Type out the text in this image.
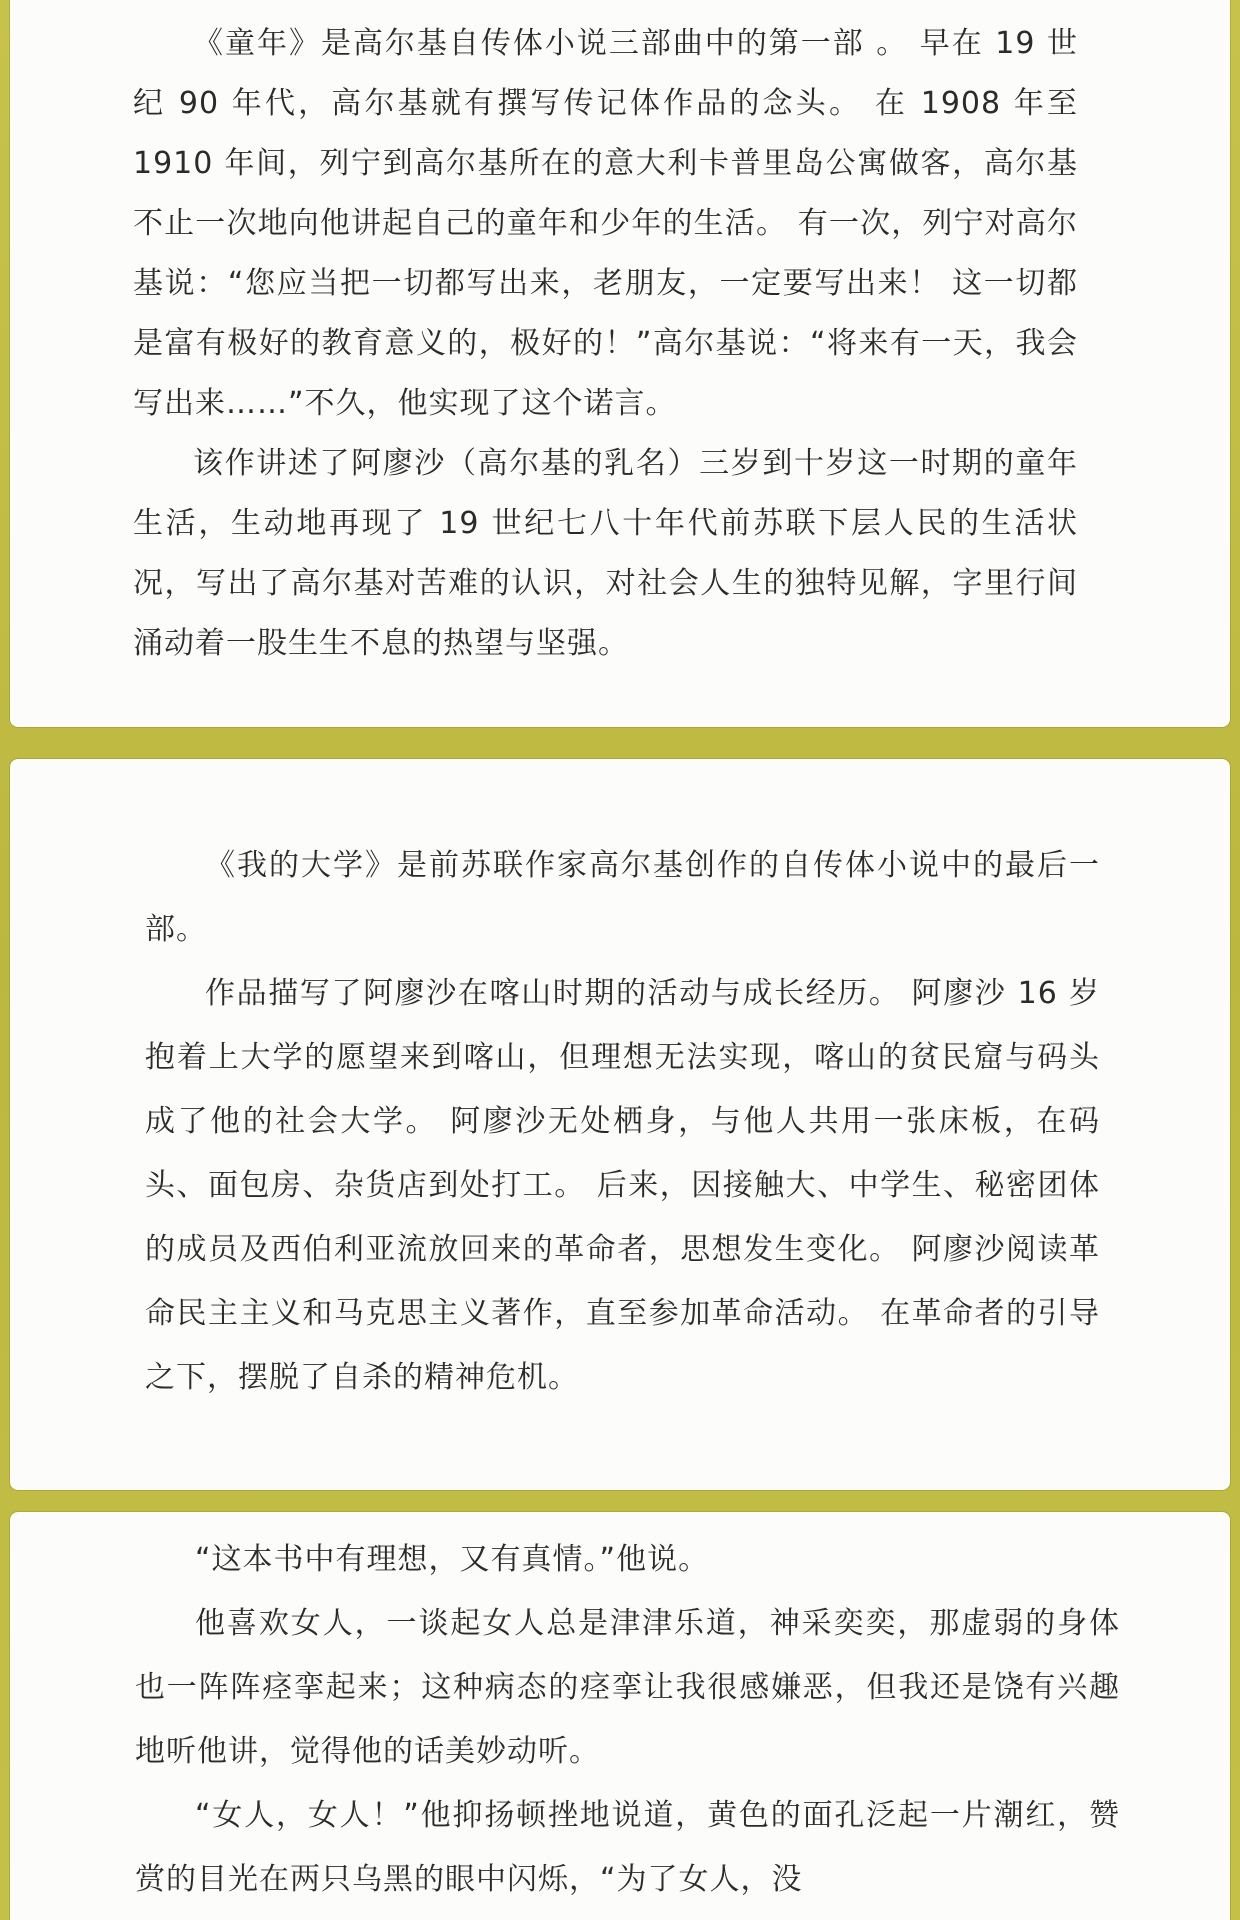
《童年》是高尔基自传体小说三部曲中的第一部 。 早在 19 世纪 90 年代，高尔基就有撰写传记体作品的念头。 在 1908 年至 1910 年间，列宁到高尔基所在的意大利卡普里岛公寓做客，高尔基不止一次地向他讲起自己的童年和少年的生活。 有一次，列宁对高尔基说：“您应当把一切都写出来，老朋友，一定要写出来！ 这一切都是富有极好的教育意义的，极好的！”高尔基说：“将来有一天，我会写出来……”不久，他实现了这个诺言。

该作讲述了阿廖沙（高尔基的乳名）三岁到十岁这一时期的童年生活，生动地再现了 19 世纪七八十年代前苏联下层人民的生活状况，写出了高尔基对苦难的认识，对社会人生的独特见解，字里行间涌动着一股生生不息的热望与坚强。

《我的大学》是前苏联作家高尔基创作的自传体小说中的最后一部。

作品描写了阿廖沙在喀山时期的活动与成长经历。 阿廖沙 16 岁抱着上大学的愿望来到喀山，但理想无法实现，喀山的贫民窟与码头成了他的社会大学。 阿廖沙无处栖身，与他人共用一张床板，在码头、面包房、杂货店到处打工。 后来，因接触大、中学生、秘密团体的成员及西伯利亚流放回来的革命者，思想发生变化。 阿廖沙阅读革命民主主义和马克思主义著作，直至参加革命活动。 在革命者的引导之下，摆脱了自杀的精神危机。

“这本书中有理想，又有真情。”他说。

他喜欢女人，一谈起女人总是津津乐道，神采奕奕，那虚弱的身体也一阵阵痉挛起来；这种病态的痉挛让我很感嫌恶，但我还是饶有兴趣地听他讲，觉得他的话美妙动听。

“女人，女人！”他抑扬顿挫地说道，黄色的面孔泛起一片潮红，赞赏的目光在两只乌黑的眼中闪烁，“为了女人，没
